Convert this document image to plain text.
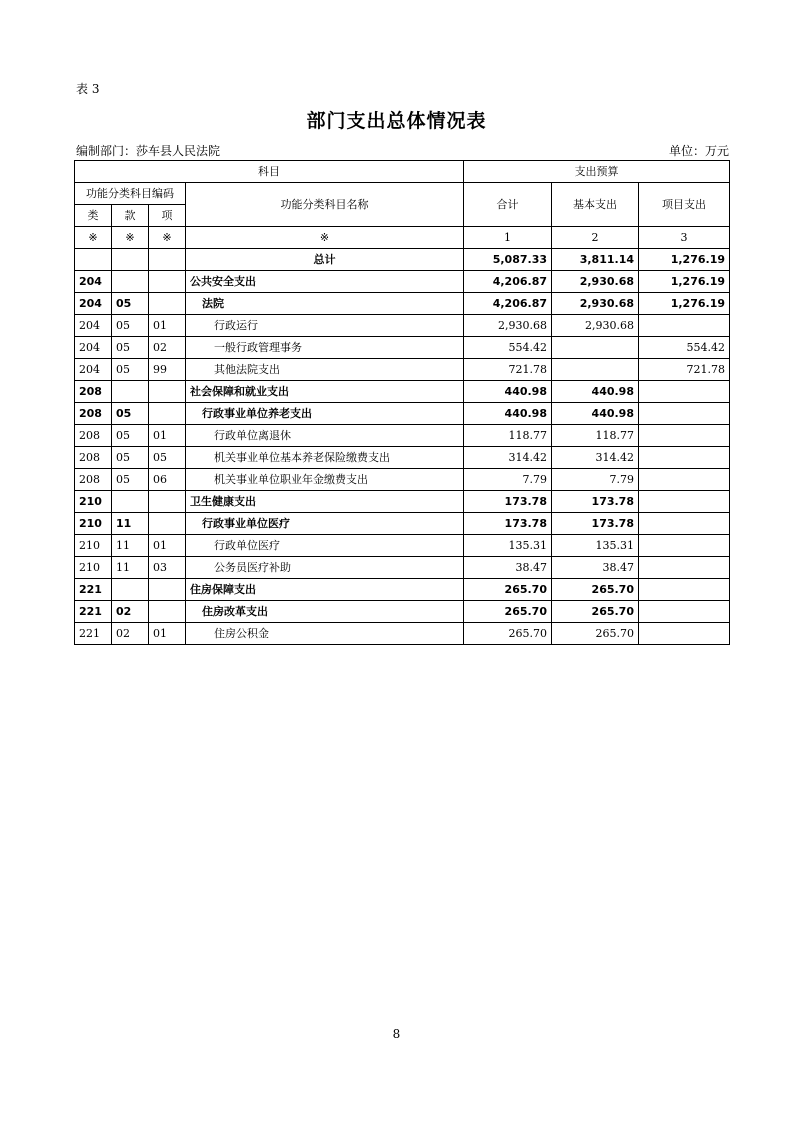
表 3
部门支出总体情况表
编制部门：莎车县人民法院	单位：万元
科目				支出预算		
功能分类科目编码			功能分类科目名称	合计	基本支出	项目支出
类	款	项				
※	※	※	※	1	2	3
			总计	5,087.33	3,811.14	1,276.19
204			公共安全支出	4,206.87	2,930.68	1,276.19
204	05		法院	4,206.87	2,930.68	1,276.19
204	05	01	行政运行	2,930.68	2,930.68	
204	05	02	一般行政管理事务	554.42		554.42
204	05	99	其他法院支出	721.78		721.78
208			社会保障和就业支出	440.98	440.98	
208	05		行政事业单位养老支出	440.98	440.98	
208	05	01	行政单位离退休	118.77	118.77	
208	05	05	机关事业单位基本养老保险缴费支出	314.42	314.42	
208	05	06	机关事业单位职业年金缴费支出	7.79	7.79	
210			卫生健康支出	173.78	173.78	
210	11		行政事业单位医疗	173.78	173.78	
210	11	01	行政单位医疗	135.31	135.31	
210	11	03	公务员医疗补助	38.47	38.47	
221			住房保障支出	265.70	265.70	
221	02		住房改革支出	265.70	265.70	
221	02	01	住房公积金	265.70	265.70	
8
